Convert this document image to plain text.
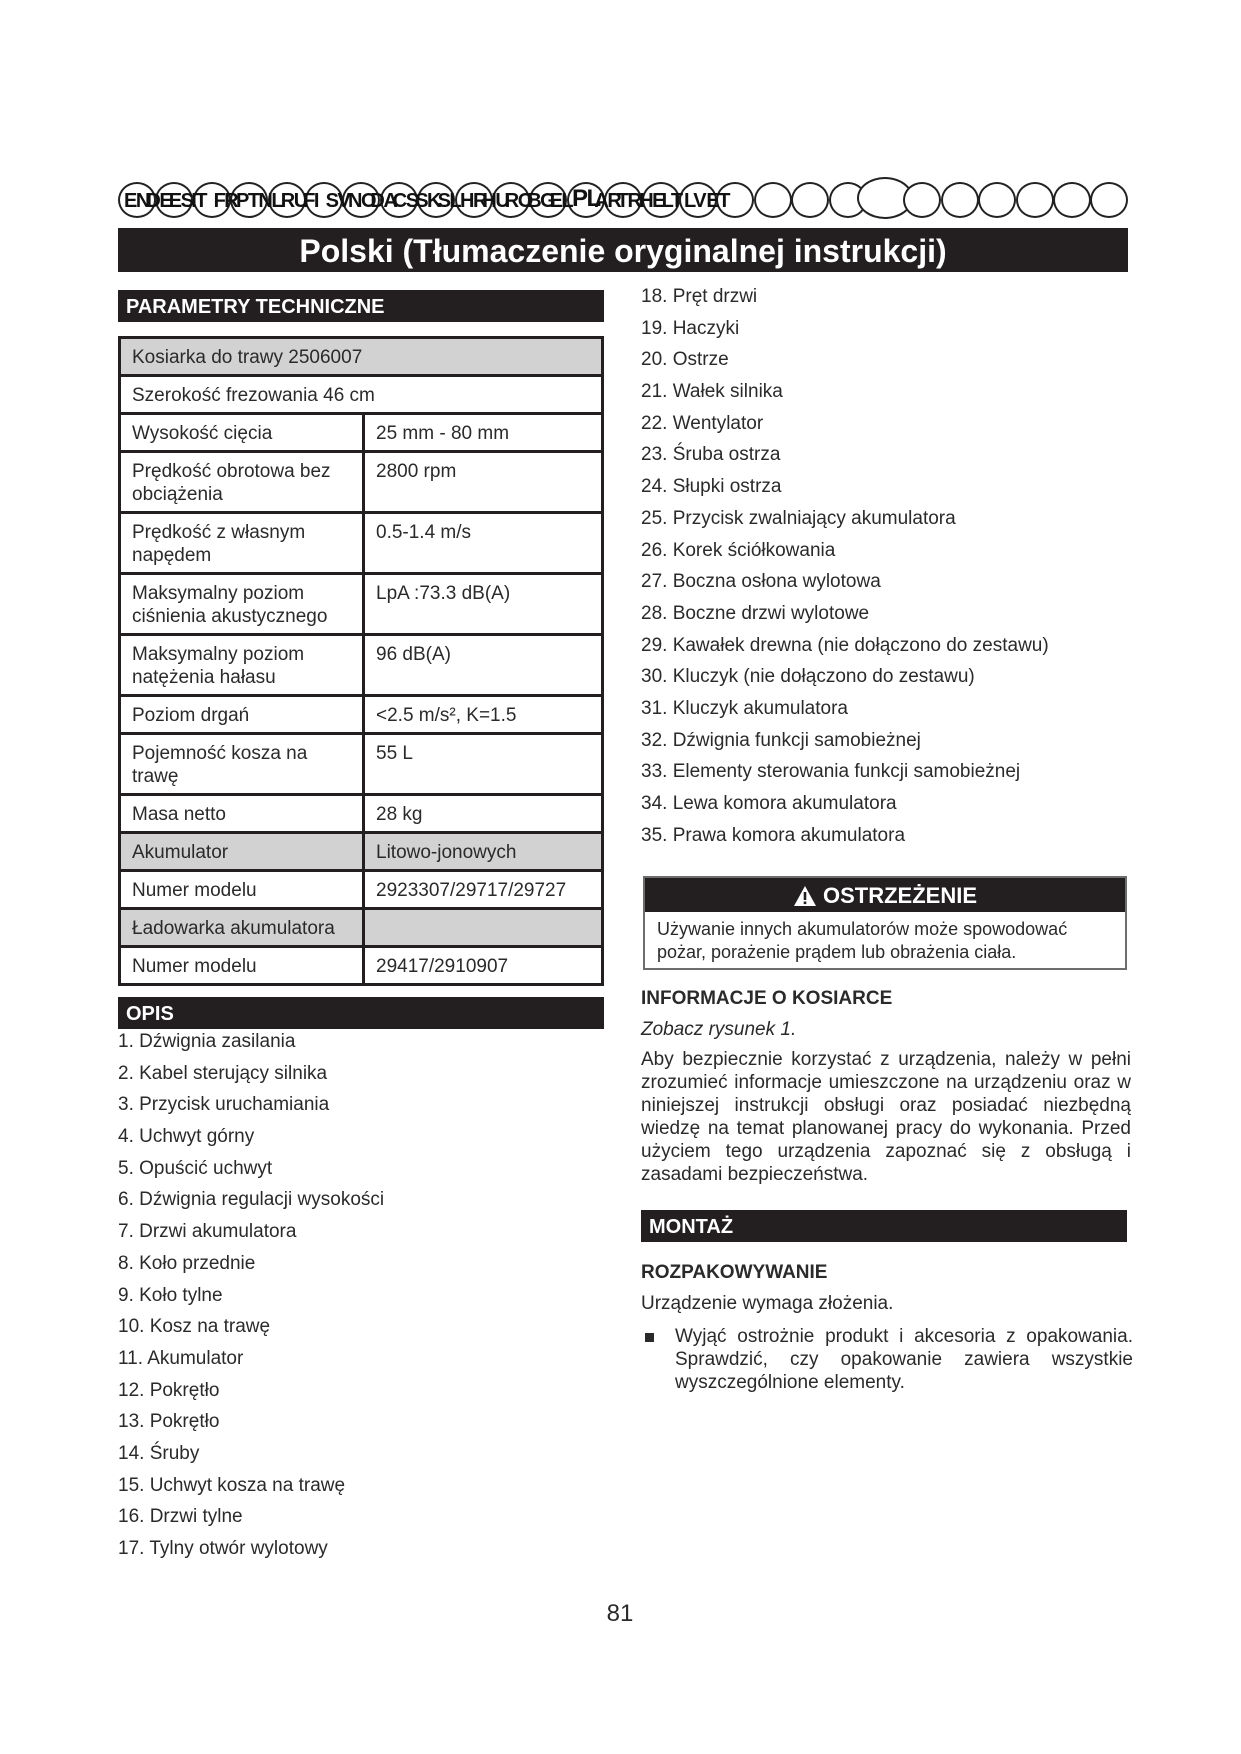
EN
DE
ES
IT FR
PT NL
RU
FI SV
NO
DA
CS
SK
SL HR
HU
RO
BG
EL PL
AR
TR
HE
LT LV ET
Polski (Tłumaczenie oryginalnej instrukcji)
PARAMETRY TECHNICZNE
Kosiarka do trawy 2506007	
Szerokość frezowania 46 cm	
Wysokość cięcia	25 mm - 80 mm
Prędkość obrotowa bez obciążenia	2800 rpm
Prędkość z własnym napędem	0.5-1.4 m/s
Maksymalny poziom ciśnienia akustycznego	LpA :73.3 dB(A)
Maksymalny poziom natężenia hałasu	96 dB(A)
Poziom drgań	<2.5 m/s², K=1.5
Pojemność kosza na trawę	55 L
Masa netto	28 kg
Akumulator	Litowo-jonowych
Numer modelu	2923307/29717/29727
Ładowarka akumulatora	
Numer modelu	29417/2910907
OPIS
1. Dźwignia zasilania
2. Kabel sterujący silnika
3. Przycisk uruchamiania
4. Uchwyt górny
5. Opuścić uchwyt
6. Dźwignia regulacji wysokości
7. Drzwi akumulatora
8. Koło przednie
9. Koło tylne
10. Kosz na trawę
11. Akumulator
12. Pokrętło
13. Pokrętło
14. Śruby
15. Uchwyt kosza na trawę
16. Drzwi tylne
17. Tylny otwór wylotowy
18. Pręt drzwi
19. Haczyki
20. Ostrze
21. Wałek silnika
22. Wentylator
23. Śruba ostrza
24. Słupki ostrza
25. Przycisk zwalniający akumulatora
26. Korek ściółkowania
27. Boczna osłona wylotowa
28. Boczne drzwi wylotowe
29. Kawałek drewna (nie dołączono do zestawu)
30. Kluczyk (nie dołączono do zestawu)
31. Kluczyk akumulatora
32. Dźwignia funkcji samobieżnej
33. Elementy sterowania funkcji samobieżnej
34. Lewa komora akumulatora
35. Prawa komora akumulatora
OSTRZEŻENIE
Używanie innych akumulatorów może spowodować pożar, porażenie prądem lub obrażenia ciała.
INFORMACJE O KOSIARCE
Zobacz rysunek 1.
Aby bezpiecznie korzystać z urządzenia, należy w pełni zrozumieć informacje umieszczone na urządzeniu oraz w niniejszej instrukcji obsługi oraz posiadać niezbędną wiedzę na temat planowanej pracy do wykonania. Przed użyciem tego urządzenia zapoznać się z obsługą i zasadami bezpieczeństwa.
MONTAŻ
ROZPAKOWYWANIE
Urządzenie wymaga złożenia.
Wyjąć ostrożnie produkt i akcesoria z opakowania. Sprawdzić, czy opakowanie zawiera wszystkie wyszczególnione elementy.
81
